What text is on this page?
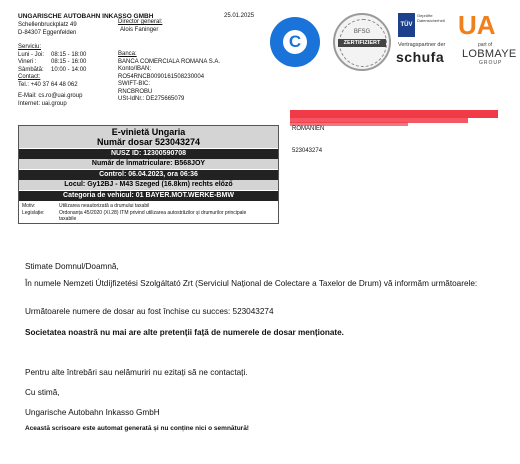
UNGARISCHE AUTOBAHN INKASSO GMBH	25.01.2025
Schellenbruckplatz 49
D-84307 Eggenfelden
Serviciu:
Luni - Joi: 08:15 - 18:00
Vineri : 08:15 - 16:00
Sâmbătă: 10:00 - 14:00
Contact:
Tel.: +40 37 64 48 062
E-Mail: cs.ro@uai.group
Internet: uai.group
Director general:
Alois Faninger
Banca:
BANCA COMERCIALA ROMANA S.A.
Konto/IBAN:
RO54RNCB0090161508230004
SWIFT-BIC:
RNCBROBU
USt-IdNr.: DE275665079
C	BFSG
ZERTIFIZIERT
TÜV
Geprüfte Datensicherheit
Vertragspartner der
schufa
UA
part of
LOBMAYE
GROUP
ROMANIEN
523043274
E-vinietă Ungaria
Număr dosar 523043274
NUSZ ID: 12300590708
Număr de înmatriculare: B568JOY
Control: 06.04.2023, ora 06:36
Locul: Gy12BJ - M43 Szeged (16.8km) rechts előző
Categoria de vehicul: 01 BAYER.MOT.WERKE-BMW
Motiv:	Utilizarea neautorizată a drumului taxabil
Legislație:	Ordonanța 45/2020 (XI.28) ITM privind utilizarea autostrăzilor și drumurilor principale taxabile
Stimate Domnul/Doamnă,
În numele Nemzeti Útdíjfizetési Szolgáltató Zrt (Serviciul Național de Colectare a Taxelor de Drum) vă informăm următoarele:
Următoarele numere de dosar au fost închise cu succes: 523043274
Societatea noastră nu mai are alte pretenții față de numerele de dosar menționate.
Pentru alte întrebări sau nelămuriri nu ezitați să ne contactați.
Cu stimă,
Ungarische Autobahn Inkasso GmbH
Această scrisoare este automat generată și nu conține nici o semnătură!
